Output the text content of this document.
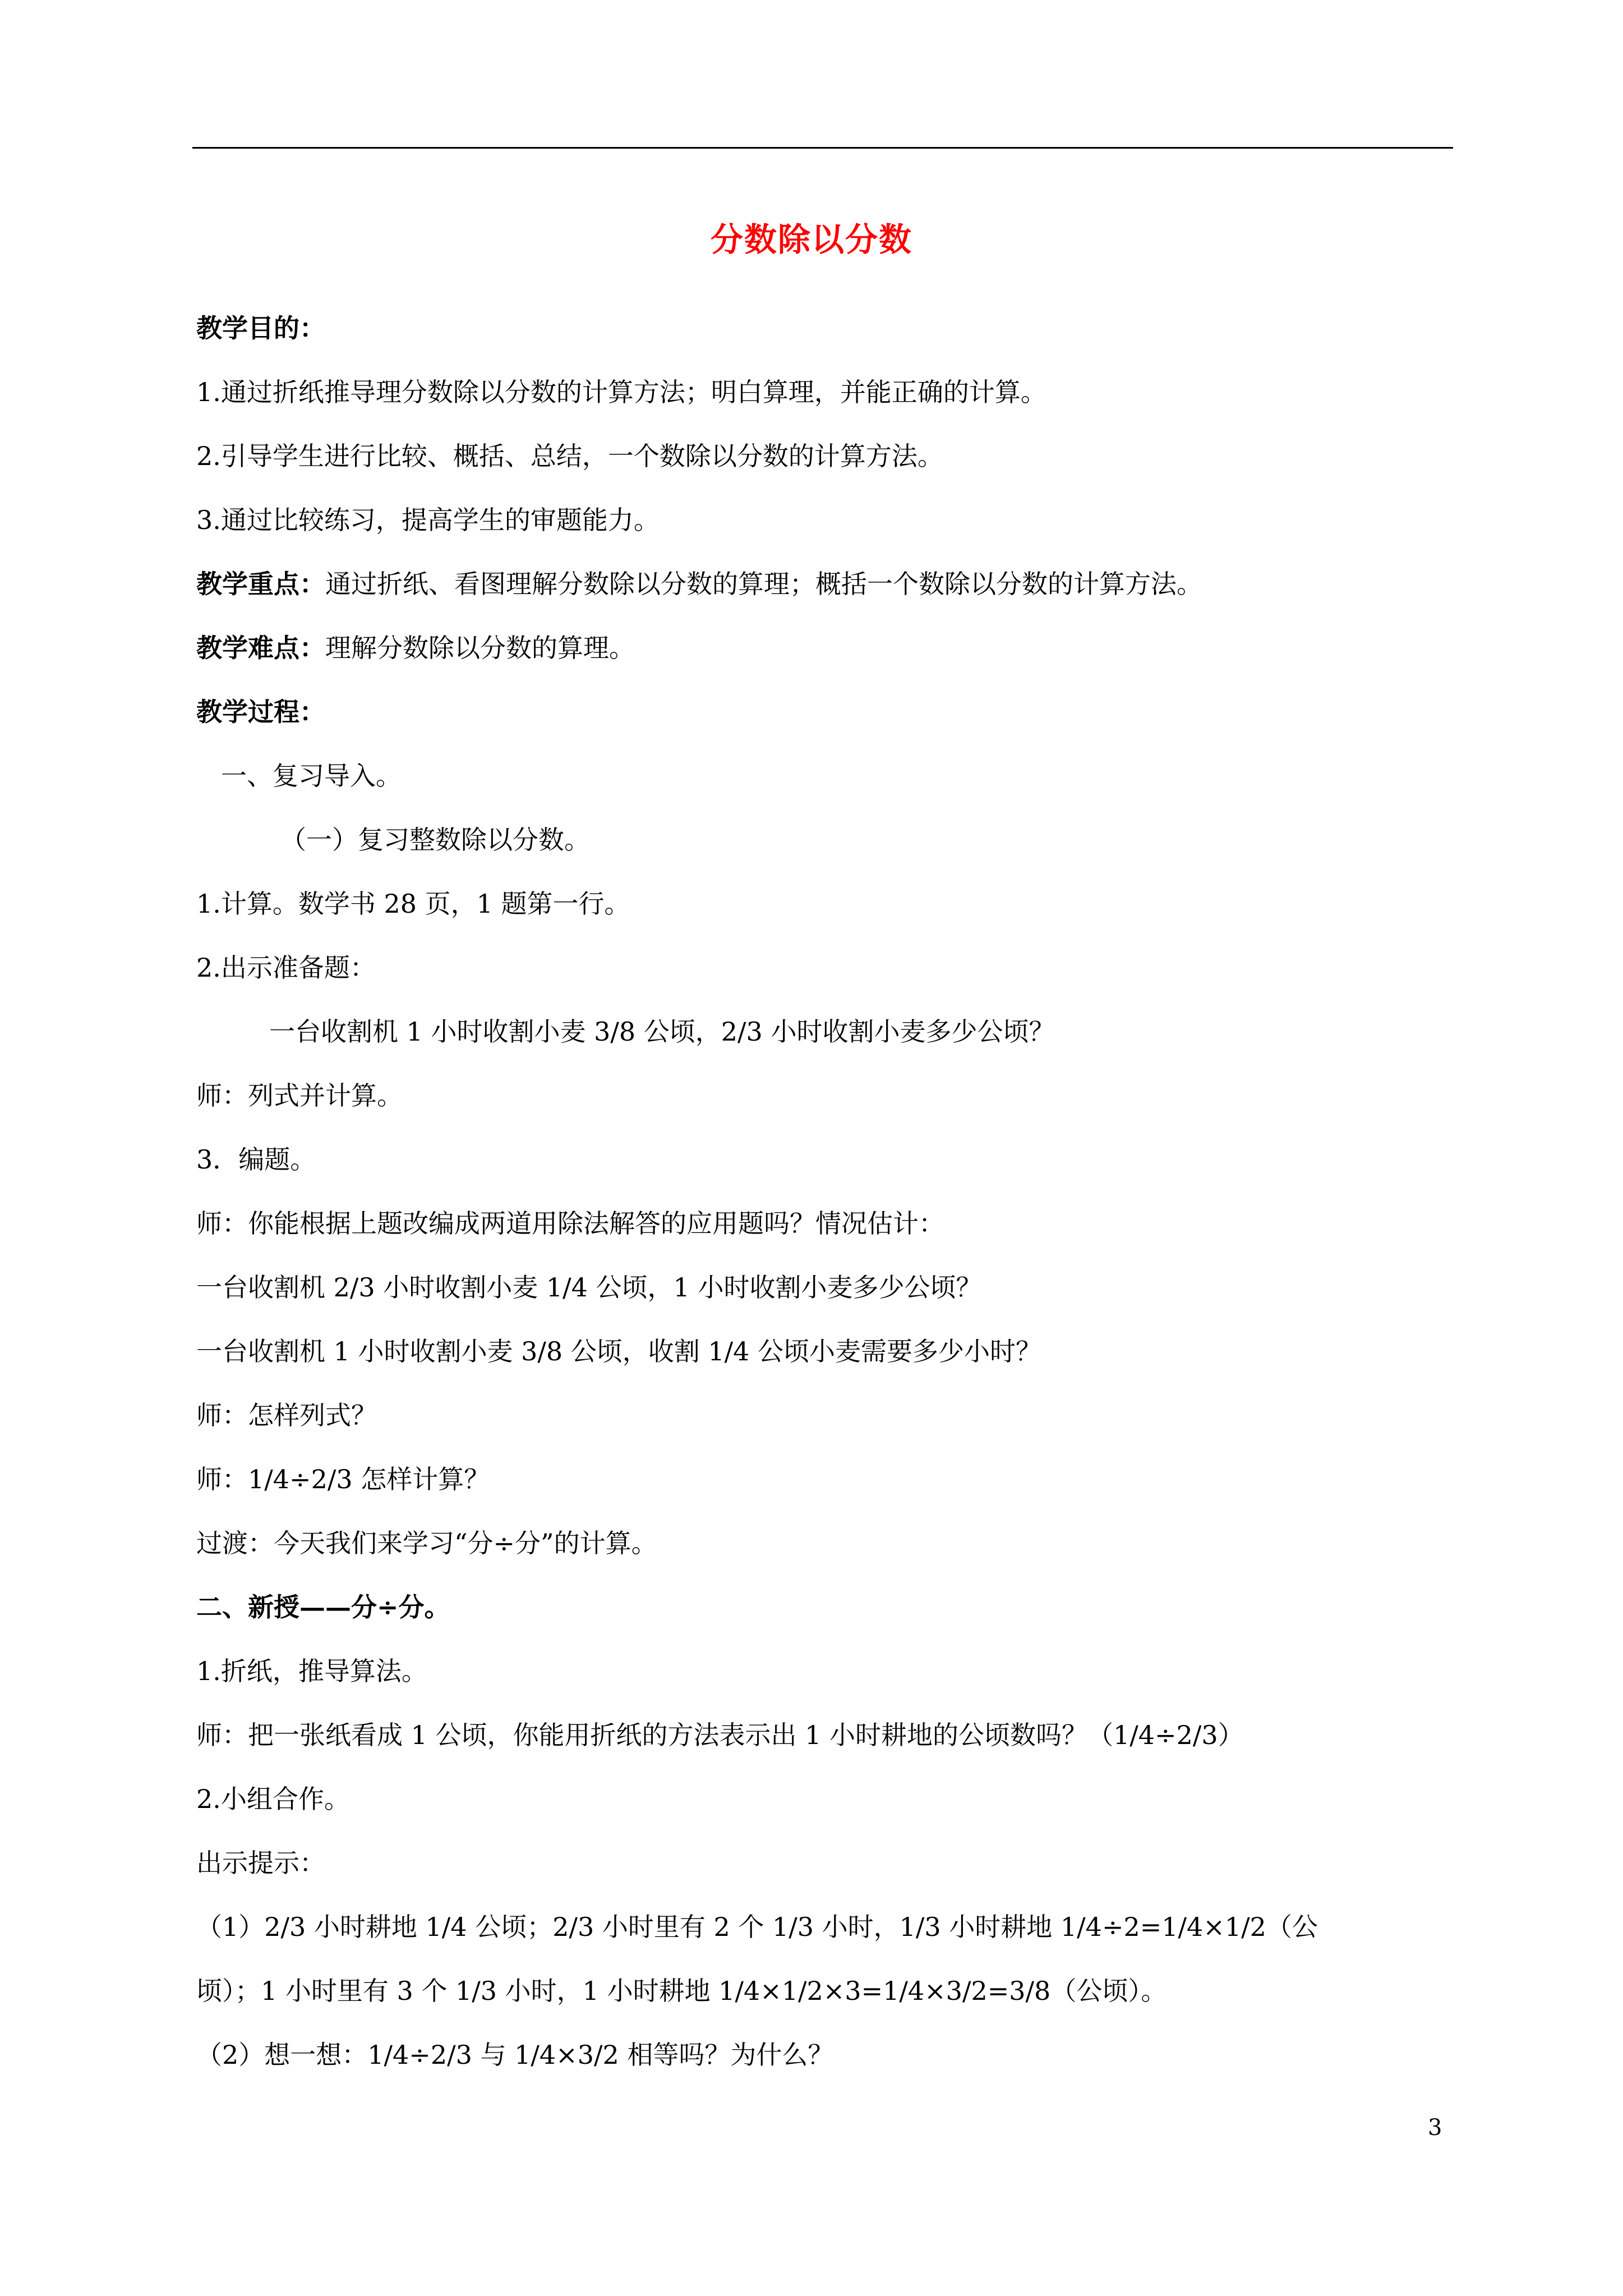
分数除以分数
教学目的：
1.通过折纸推导理分数除以分数的计算方法；明白算理，并能正确的计算。
2.引导学生进行比较、概括、总结，一个数除以分数的计算方法。
3.通过比较练习，提高学生的审题能力。
教学重点：通过折纸、看图理解分数除以分数的算理；概括一个数除以分数的计算方法。
教学难点：理解分数除以分数的算理。
教学过程：
一、复习导入。
（一）复习整数除以分数。
1.计算。数学书 28 页，1 题第一行。
2.出示准备题：
一台收割机 1 小时收割小麦 3/8 公顷，2/3 小时收割小麦多少公顷？
师：列式并计算。
3．编题。
师：你能根据上题改编成两道用除法解答的应用题吗？情况估计：
一台收割机 2/3 小时收割小麦 1/4 公顷，1 小时收割小麦多少公顷？
一台收割机 1 小时收割小麦 3/8 公顷，收割 1/4 公顷小麦需要多少小时？
师：怎样列式？
师：1/4÷2/3 怎样计算？
过渡：今天我们来学习“分÷分”的计算。
二、新授——分÷分。
1.折纸，推导算法。
师：把一张纸看成 1 公顷，你能用折纸的方法表示出 1 小时耕地的公顷数吗？（1/4÷2/3）
2.小组合作。
出示提示：
（1）2/3 小时耕地 1/4 公顷；2/3 小时里有 2 个 1/3 小时，1/3 小时耕地 1/4÷2=1/4×1/2（公
顷）；1 小时里有 3 个 1/3 小时，1 小时耕地 1/4×1/2×3=1/4×3/2=3/8（公顷）。
（2）想一想：1/4÷2/3 与 1/4×3/2 相等吗？为什么？
3
